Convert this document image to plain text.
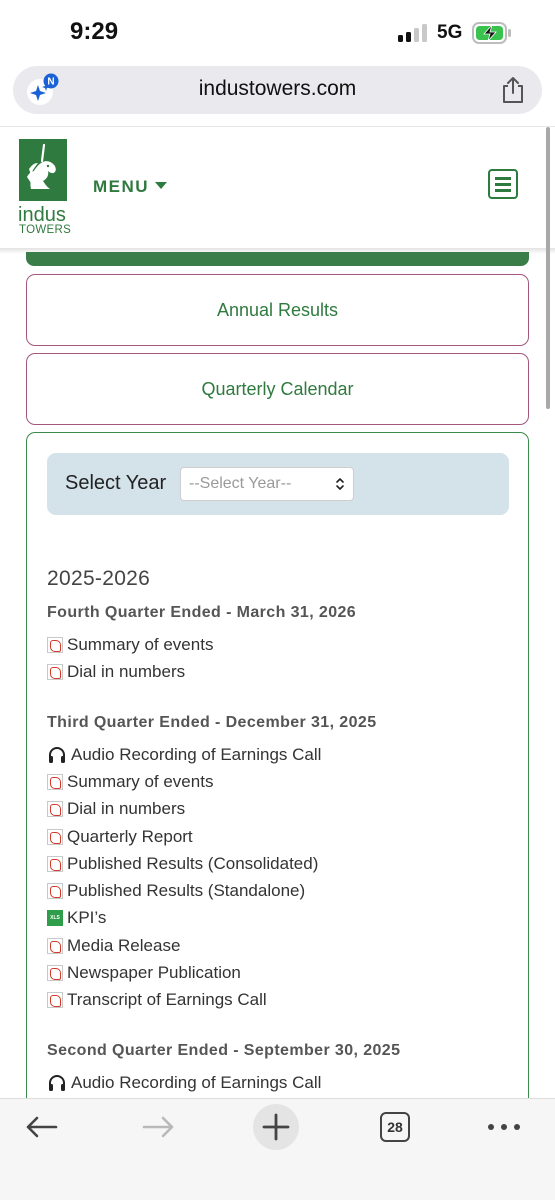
9:29	5G
N	industowers.com
indus
TOWERS
MENU
Annual Results
Quarterly Calendar
Select Year --Select Year--
2025-2026
Fourth Quarter Ended - March 31, 2026
Summary of events
Dial in numbers
Third Quarter Ended - December 31, 2025
Audio Recording of Earnings Call
Summary of events
Dial in numbers
Quarterly Report
Published Results (Consolidated)
Published Results (Standalone)
XLS KPI’s
Media Release
Newspaper Publication
Transcript of Earnings Call
Second Quarter Ended - September 30, 2025
Audio Recording of Earnings Call
28
